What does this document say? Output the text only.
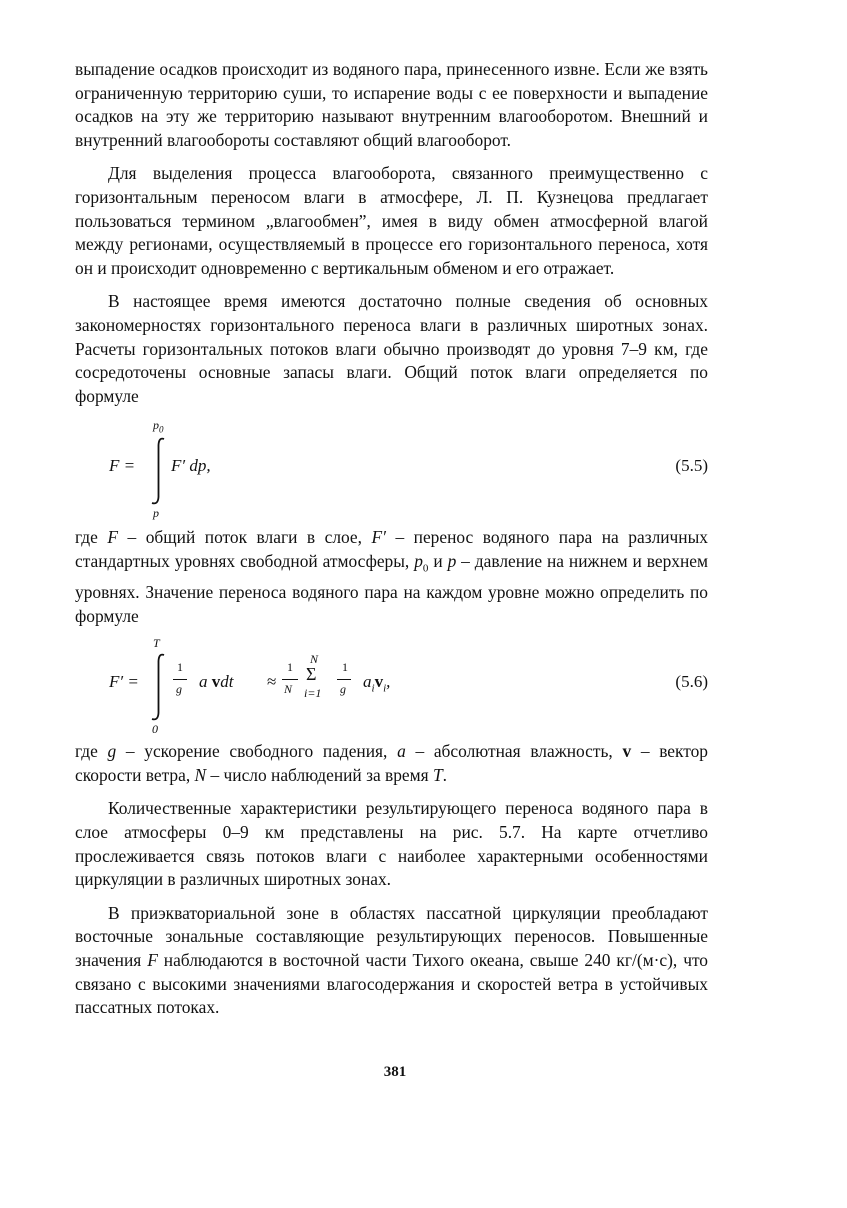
выпадение осадков происходит из водяного пара, принесенного извне. Если же взять ограниченную территорию суши, то испарение воды с ее поверхности и выпадение осадков на эту же территорию называют внутренним влагооборотом. Внешний и внутренний влагообороты составляют общий влагооборот.

Для выделения процесса влагооборота, связанного преимущественно с горизонтальным переносом влаги в атмосфере, Л. П. Кузнецова предлагает пользоваться термином „влагообмен”, имея в виду обмен атмосферной влагой между регионами, осуществляемый в процессе его горизонтального переноса, хотя он и происходит одновременно с вертикальным обменом и его отражает.

В настоящее время имеются достаточно полные сведения об основных закономерностях горизонтального переноса влаги в различных широтных зонах. Расчеты горизонтальных потоков влаги обычно производят до уровня 7–9 км, где сосредоточены основные запасы влаги. Общий поток влаги определяется по формуле

F =
$p_0$
p
F′ dp,	(5.5)

где F – общий поток влаги в слое, F′ – перенос водяного пара на различных стандартных уровнях свободной атмосферы, $p_0$ и p – давление на нижнем и верхнем уровнях. Значение переноса водяного пара на каждом уровне можно определить по формуле

F′ =
T
0
1
g a vdt ≈
1
N
N
Σ
i=1
1
g $a_iv_i$,	(5.6)

где g – ускорение свободного падения, a – абсолютная влажность, v – вектор скорости ветра, N – число наблюдений за время T.

Количественные характеристики результирующего переноса водяного пара в слое атмосферы 0–9 км представлены на рис. 5.7. На карте отчетливо прослеживается связь потоков влаги с наиболее характерными особенностями циркуляции в различных широтных зонах.

В приэкваториальной зоне в областях пассатной циркуляции преобладают восточные зональные составляющие результирующих переносов. Повышенные значения F наблюдаются в восточной части Тихого океана, свыше 240 кг/(м·с), что связано с высокими значениями влагосодержания и скоростей ветра в устойчивых пассатных потоках.

381
